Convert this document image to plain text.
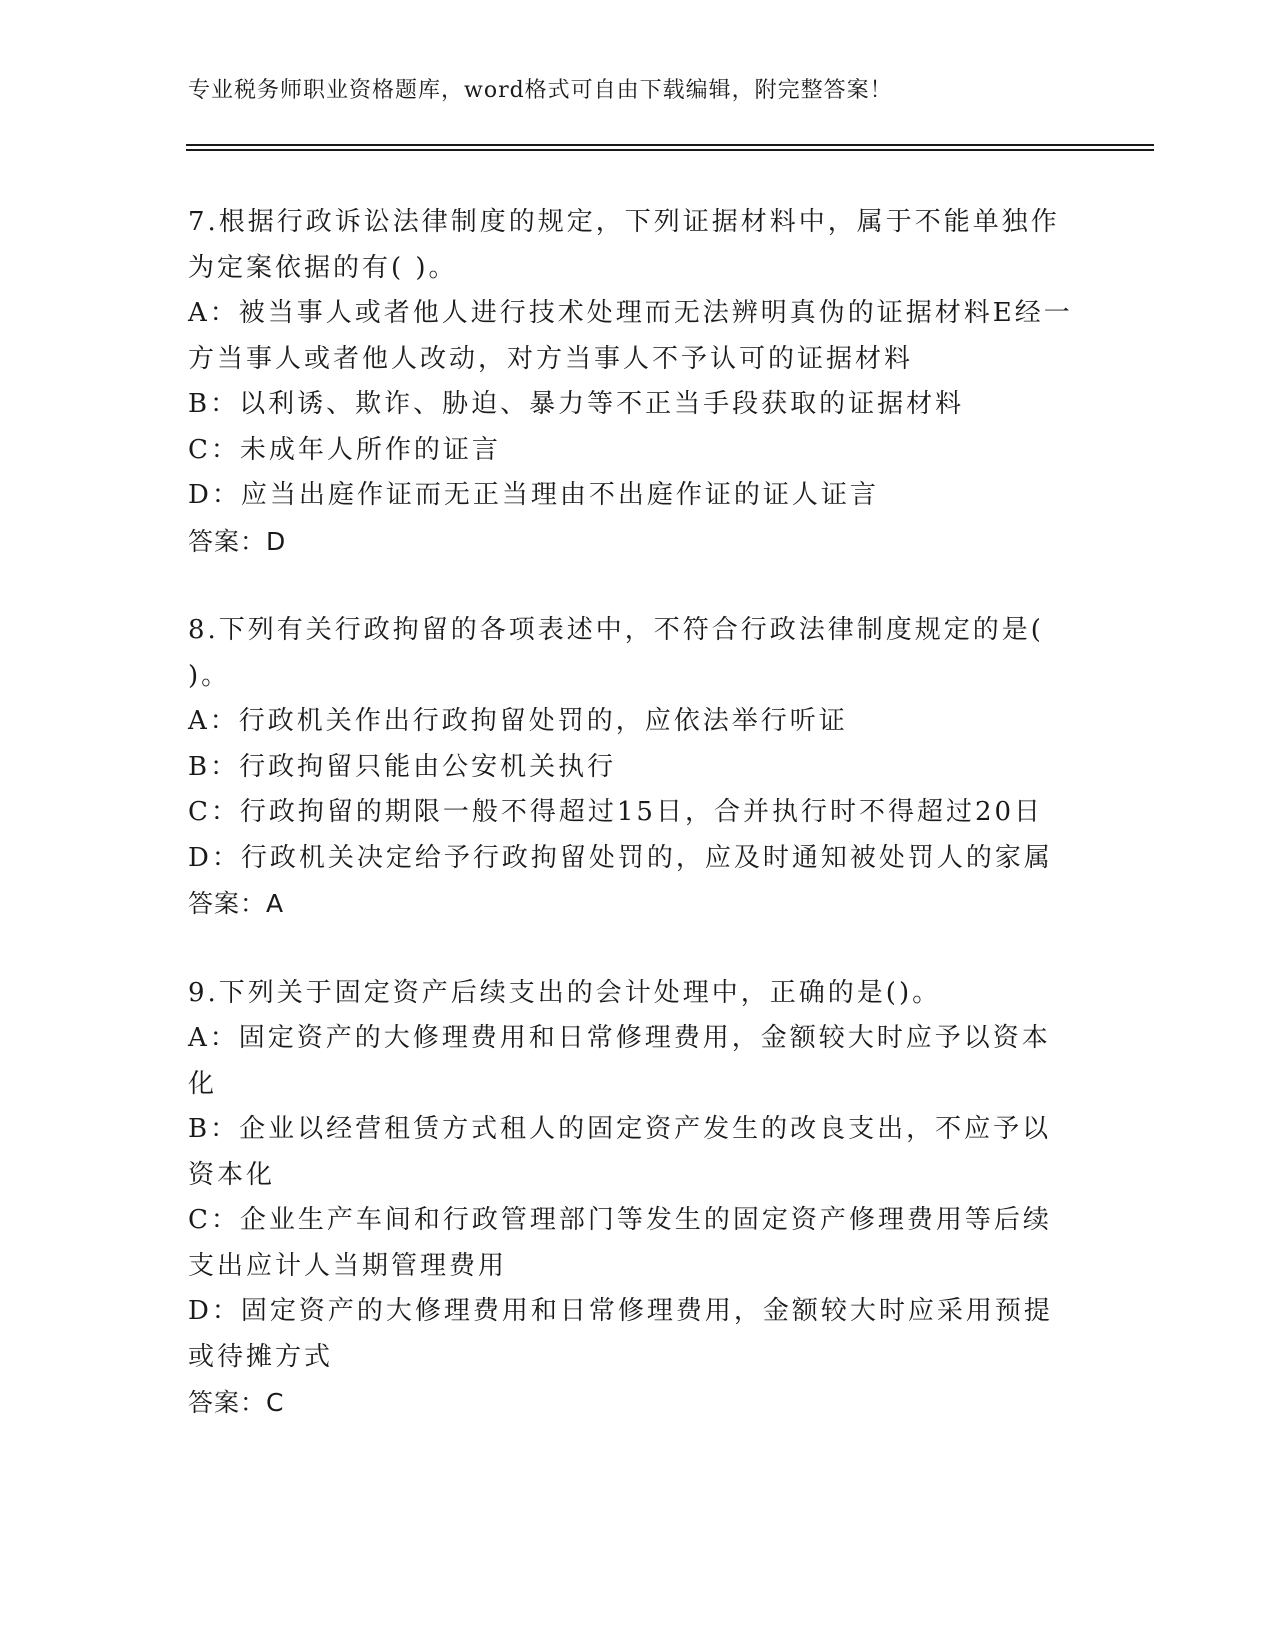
专业税务师职业资格题库，word格式可自由下载编辑，附完整答案！

7.根据行政诉讼法律制度的规定，下列证据材料中，属于不能单独作为定案依据的有( )。

A：被当事人或者他人进行技术处理而无法辨明真伪的证据材料E经一方当事人或者他人改动，对方当事人不予认可的证据材料

B：以利诱、欺诈、胁迫、暴力等不正当手段获取的证据材料

C：未成年人所作的证言

D：应当出庭作证而无正当理由不出庭作证的证人证言

答案：D

8.下列有关行政拘留的各项表述中，不符合行政法律制度规定的是( )。

A：行政机关作出行政拘留处罚的，应依法举行听证

B：行政拘留只能由公安机关执行

C：行政拘留的期限一般不得超过15日，合并执行时不得超过20日

D：行政机关决定给予行政拘留处罚的，应及时通知被处罚人的家属

答案：A

9.下列关于固定资产后续支出的会计处理中，正确的是()。

A：固定资产的大修理费用和日常修理费用，金额较大时应予以资本化

B：企业以经营租赁方式租人的固定资产发生的改良支出，不应予以资本化

C：企业生产车间和行政管理部门等发生的固定资产修理费用等后续支出应计人当期管理费用

D：固定资产的大修理费用和日常修理费用，金额较大时应采用预提或待摊方式

答案：C
